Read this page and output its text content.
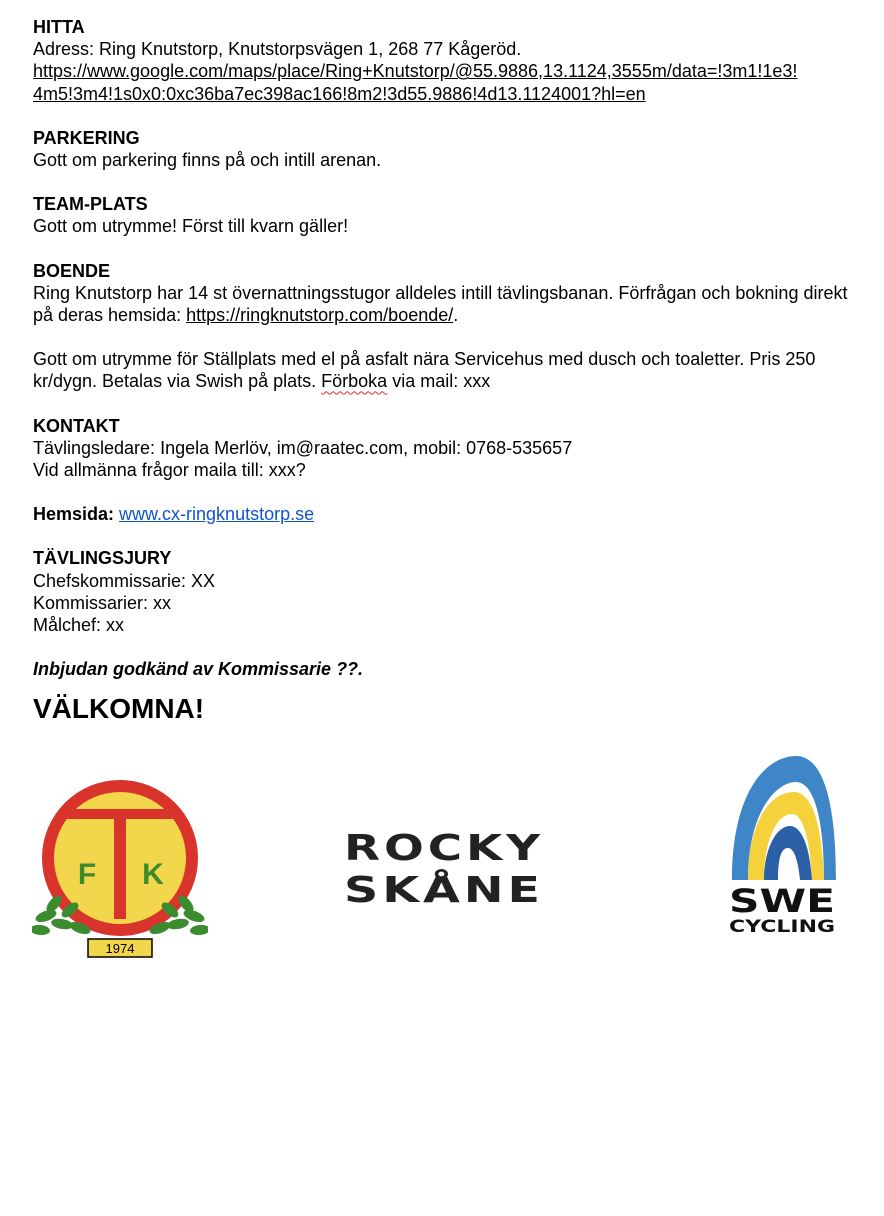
HITTA
Adress: Ring Knutstorp, Knutstorpsvägen 1, 268 77 Kågeröd.
https://www.google.com/maps/place/Ring+Knutstorp/@55.9886,13.1124,3555m/data=!3m1!1e3!
4m5!3m4!1s0x0:0xc36ba7ec398ac166!8m2!3d55.9886!4d13.1124001?hl=en
PARKERING
Gott om parkering finns på och intill arenan.
TEAM-PLATS
Gott om utrymme! Först till kvarn gäller!
BOENDE
Ring Knutstorp har 14 st övernattningsstugor alldeles intill tävlingsbanan. Förfrågan och bokning direkt på deras hemsida: https://ringknutstorp.com/boende/.
Gott om utrymme för Ställplats med el på asfalt nära Servicehus med dusch och toaletter. Pris 250 kr/dygn. Betalas via Swish på plats. Förboka via mail: xxx
KONTAKT
Tävlingsledare: Ingela Merlöv, im@raatec.com, mobil: 0768-535657
Vid allmänna frågor maila till: xxx?
Hemsida: www.cx-ringknutstorp.se
TÄVLINGSJURY
Chefskommissarie: XX
Kommissarier: xx
Målchef: xx
Inbjudan godkänd av Kommissarie ??.
VÄLKOMNA!
T
F K
1974
ROCKY
SKÅNE	SWE
CYCLING
